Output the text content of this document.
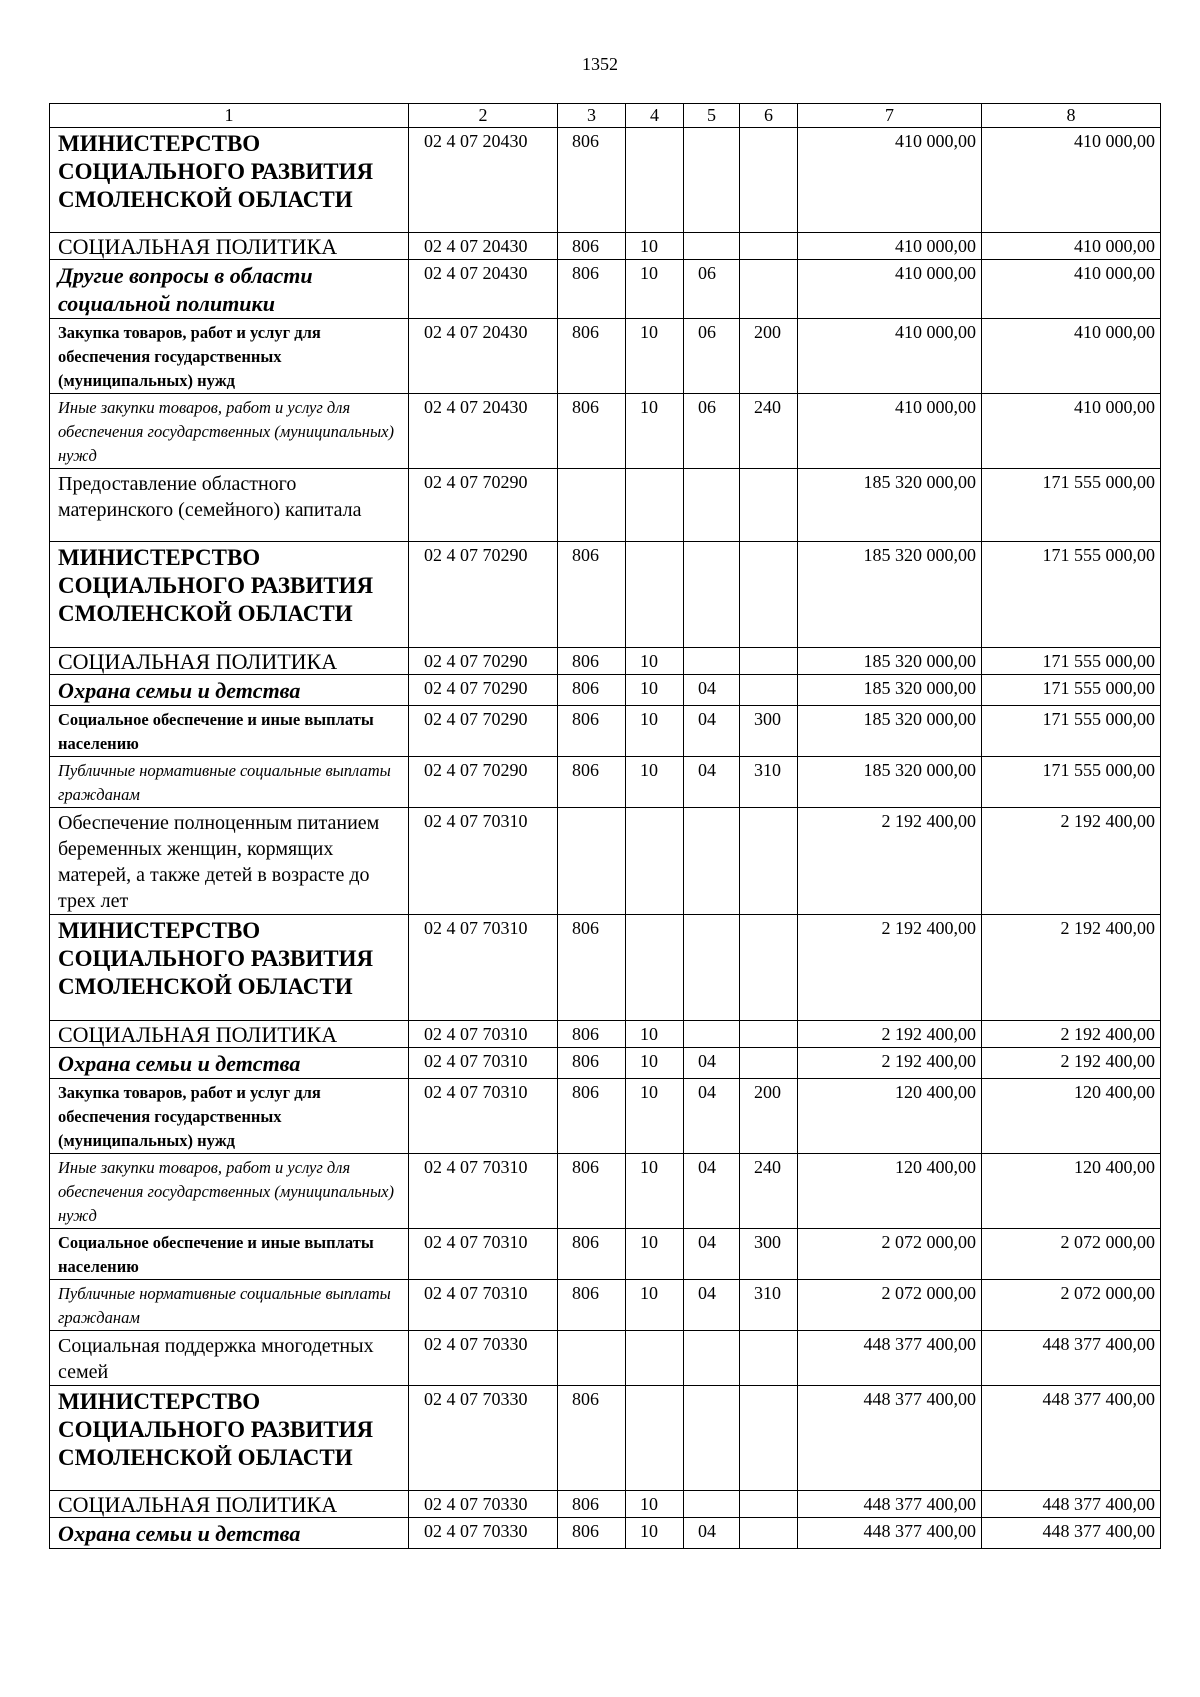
1352
1	2	3	4	5	6	7	8
МИНИСТЕРСТВО СОЦИАЛЬНОГО РАЗВИТИЯ СМОЛЕНСКОЙ ОБЛАСТИ	02 4 07 20430	806				410 000,00	410 000,00
СОЦИАЛЬНАЯ ПОЛИТИКА	02 4 07 20430	806	10			410 000,00	410 000,00
Другие вопросы в области социальной политики	02 4 07 20430	806	10	06		410 000,00	410 000,00
Закупка товаров, работ и услуг для обеспечения государственных (муниципальных) нужд	02 4 07 20430	806	10	06	200	410 000,00	410 000,00
Иные закупки товаров, работ и услуг для обеспечения государственных (муниципальных) нужд	02 4 07 20430	806	10	06	240	410 000,00	410 000,00
Предоставление областного материнского (семейного) капитала	02 4 07 70290					185 320 000,00	171 555 000,00
МИНИСТЕРСТВО СОЦИАЛЬНОГО РАЗВИТИЯ СМОЛЕНСКОЙ ОБЛАСТИ	02 4 07 70290	806				185 320 000,00	171 555 000,00
СОЦИАЛЬНАЯ ПОЛИТИКА	02 4 07 70290	806	10			185 320 000,00	171 555 000,00
Охрана семьи и детства	02 4 07 70290	806	10	04		185 320 000,00	171 555 000,00
Социальное обеспечение и иные выплаты населению	02 4 07 70290	806	10	04	300	185 320 000,00	171 555 000,00
Публичные нормативные социальные выплаты гражданам	02 4 07 70290	806	10	04	310	185 320 000,00	171 555 000,00
Обеспечение полноценным питанием беременных женщин, кормящих матерей, а также детей в возрасте до трех лет	02 4 07 70310					2 192 400,00	2 192 400,00
МИНИСТЕРСТВО СОЦИАЛЬНОГО РАЗВИТИЯ СМОЛЕНСКОЙ ОБЛАСТИ	02 4 07 70310	806				2 192 400,00	2 192 400,00
СОЦИАЛЬНАЯ ПОЛИТИКА	02 4 07 70310	806	10			2 192 400,00	2 192 400,00
Охрана семьи и детства	02 4 07 70310	806	10	04		2 192 400,00	2 192 400,00
Закупка товаров, работ и услуг для обеспечения государственных (муниципальных) нужд	02 4 07 70310	806	10	04	200	120 400,00	120 400,00
Иные закупки товаров, работ и услуг для обеспечения государственных (муниципальных) нужд	02 4 07 70310	806	10	04	240	120 400,00	120 400,00
Социальное обеспечение и иные выплаты населению	02 4 07 70310	806	10	04	300	2 072 000,00	2 072 000,00
Публичные нормативные социальные выплаты гражданам	02 4 07 70310	806	10	04	310	2 072 000,00	2 072 000,00
Социальная поддержка многодетных семей	02 4 07 70330					448 377 400,00	448 377 400,00
МИНИСТЕРСТВО СОЦИАЛЬНОГО РАЗВИТИЯ СМОЛЕНСКОЙ ОБЛАСТИ	02 4 07 70330	806				448 377 400,00	448 377 400,00
СОЦИАЛЬНАЯ ПОЛИТИКА	02 4 07 70330	806	10			448 377 400,00	448 377 400,00
Охрана семьи и детства	02 4 07 70330	806	10	04		448 377 400,00	448 377 400,00
